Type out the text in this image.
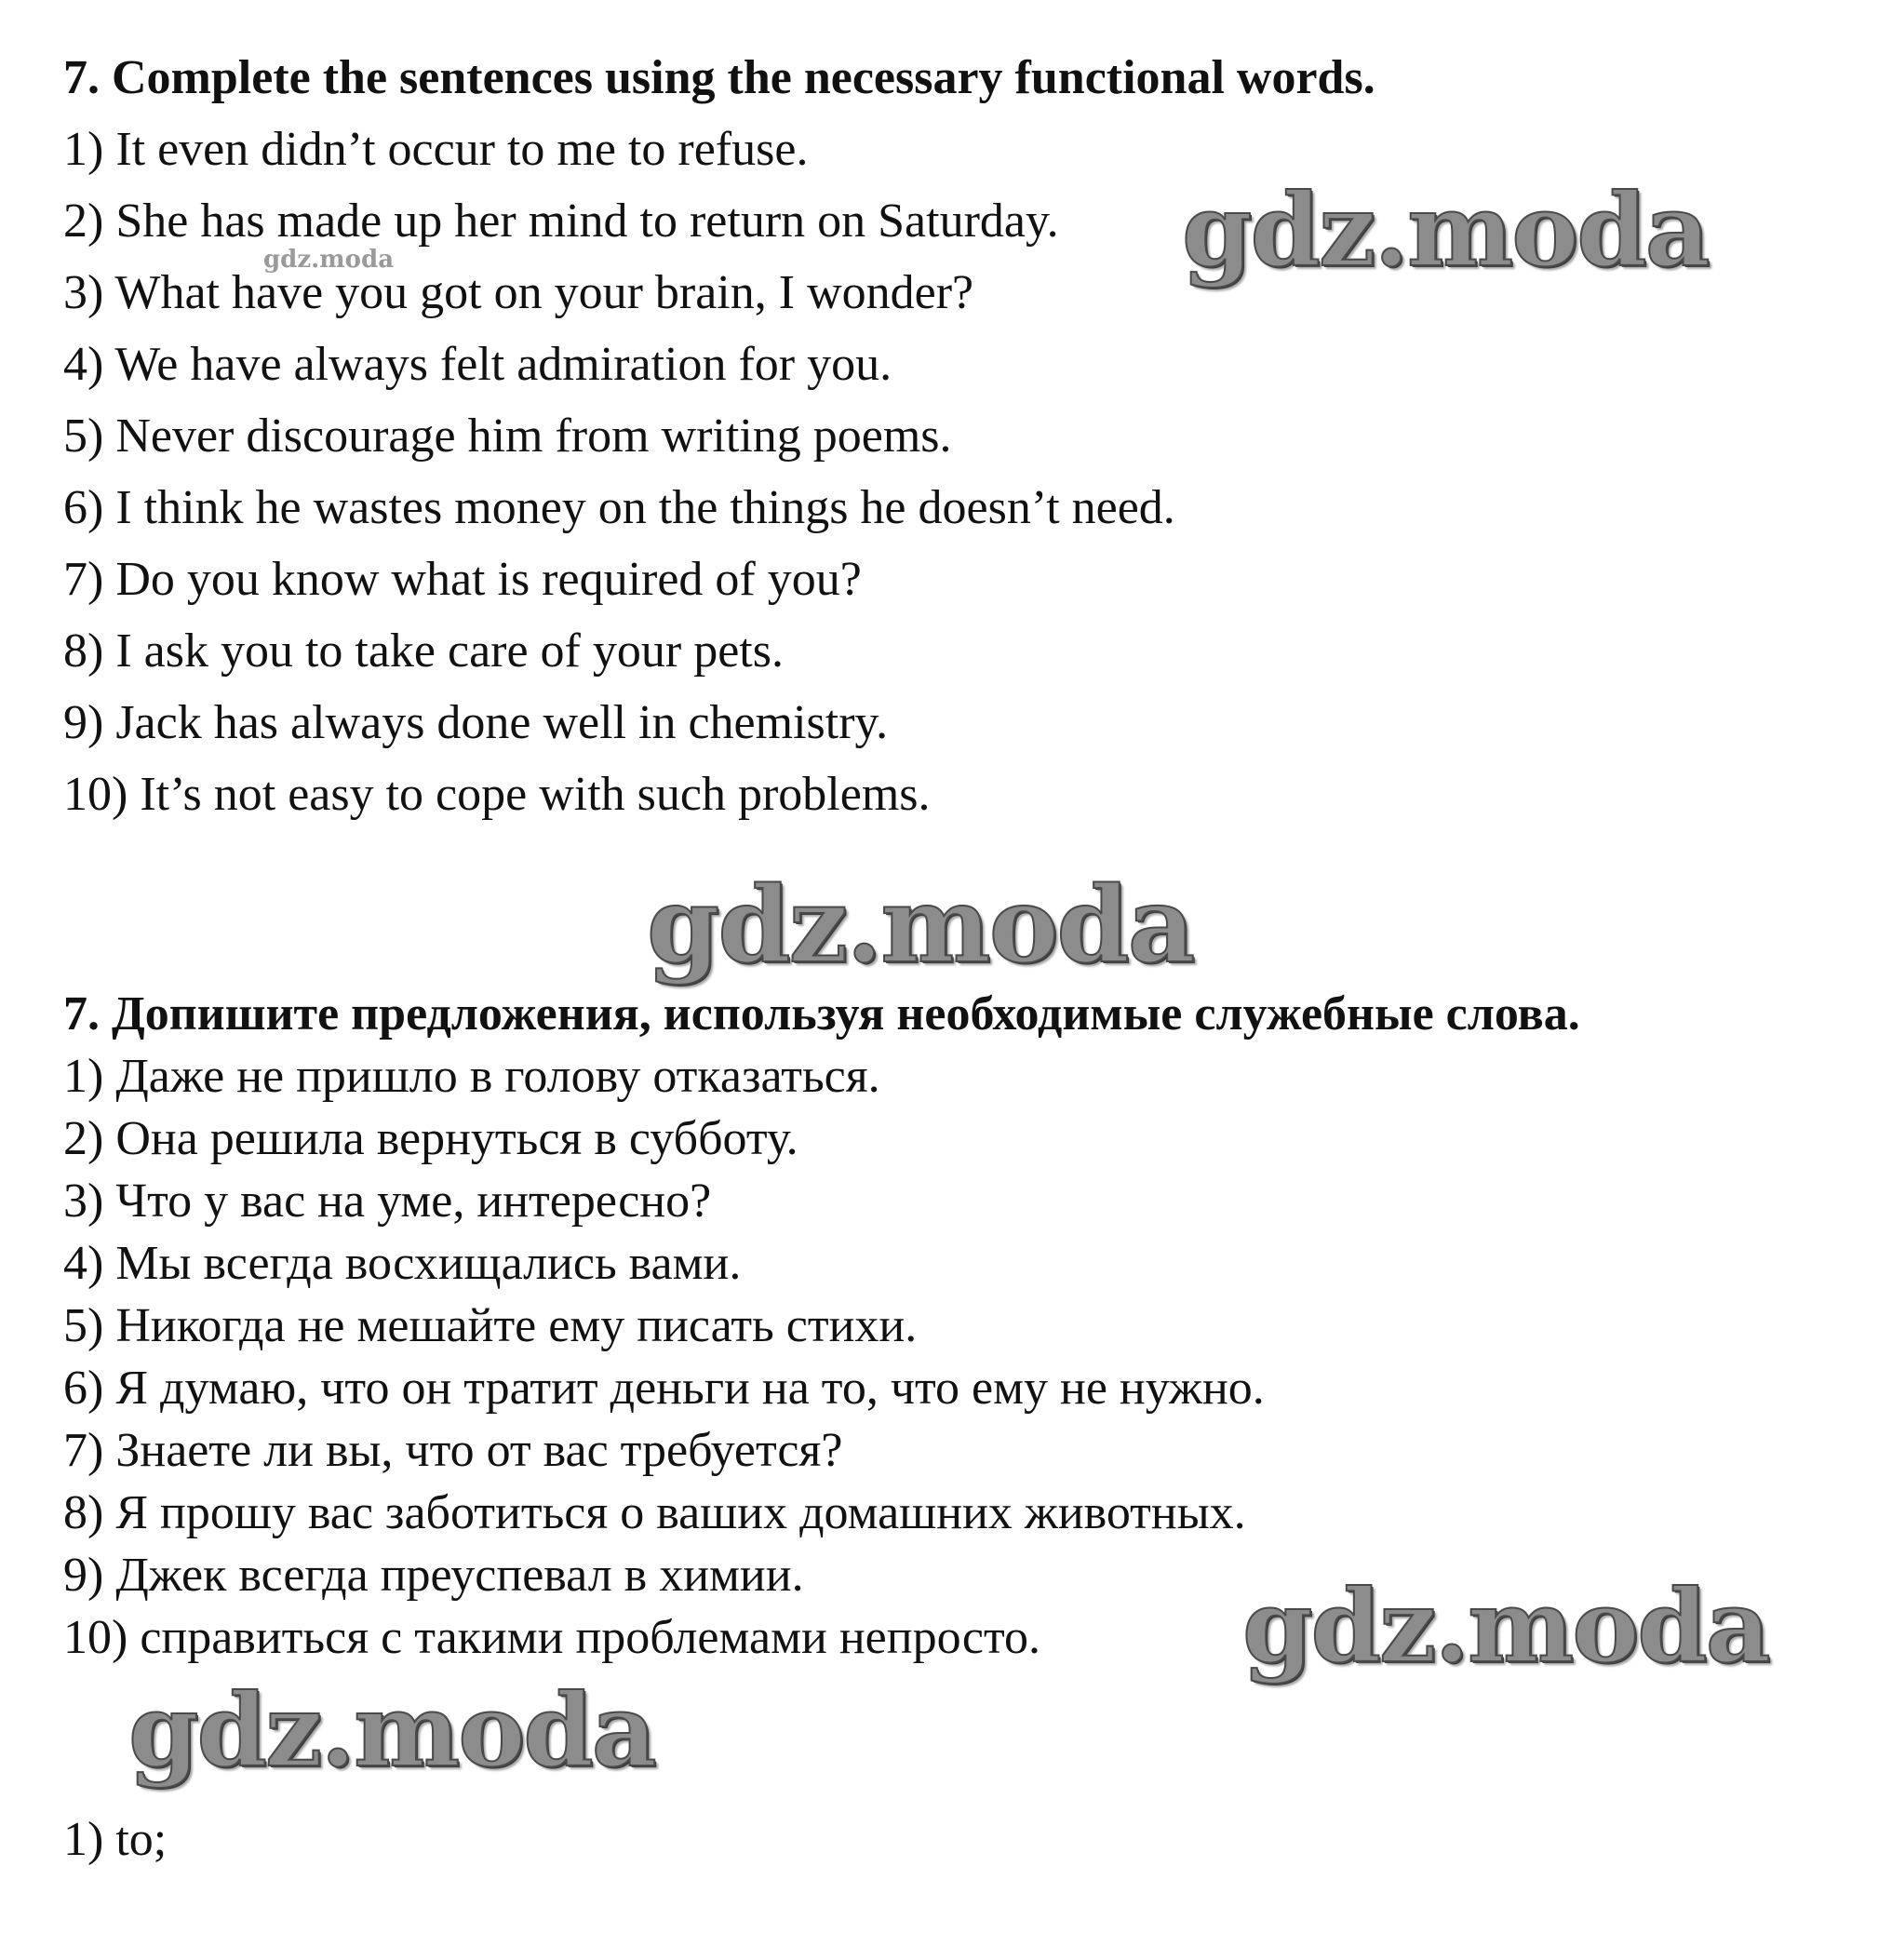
7. Complete the sentences using the necessary functional words.
1) It even didn’t occur to me to refuse.
2) She has made up her mind to return on Saturday.
3) What have you got on your brain, I wonder?
4) We have always felt admiration for you.
5) Never discourage him from writing poems.
6) I think he wastes money on the things he doesn’t need.
7) Do you know what is required of you?
8) I ask you to take care of your pets.
9) Jack has always done well in chemistry.
10) It’s not easy to cope with such problems.
7. Допишите предложения, используя необходимые служебные слова.
1) Даже не пришло в голову отказаться.
2) Она решила вернуться в субботу.
3) Что у вас на уме, интересно?
4) Мы всегда восхищались вами.
5) Никогда не мешайте ему писать стихи.
6) Я думаю, что он тратит деньги на то, что ему не нужно.
7) Знаете ли вы, что от вас требуется?
8) Я прошу вас заботиться о ваших домашних животных.
9) Джек всегда преуспевал в химии.
10) справиться с такими проблемами непросто.
1) to;
gdz.moda	gdz.moda
gdz.moda
gdz.moda
gdz.moda
